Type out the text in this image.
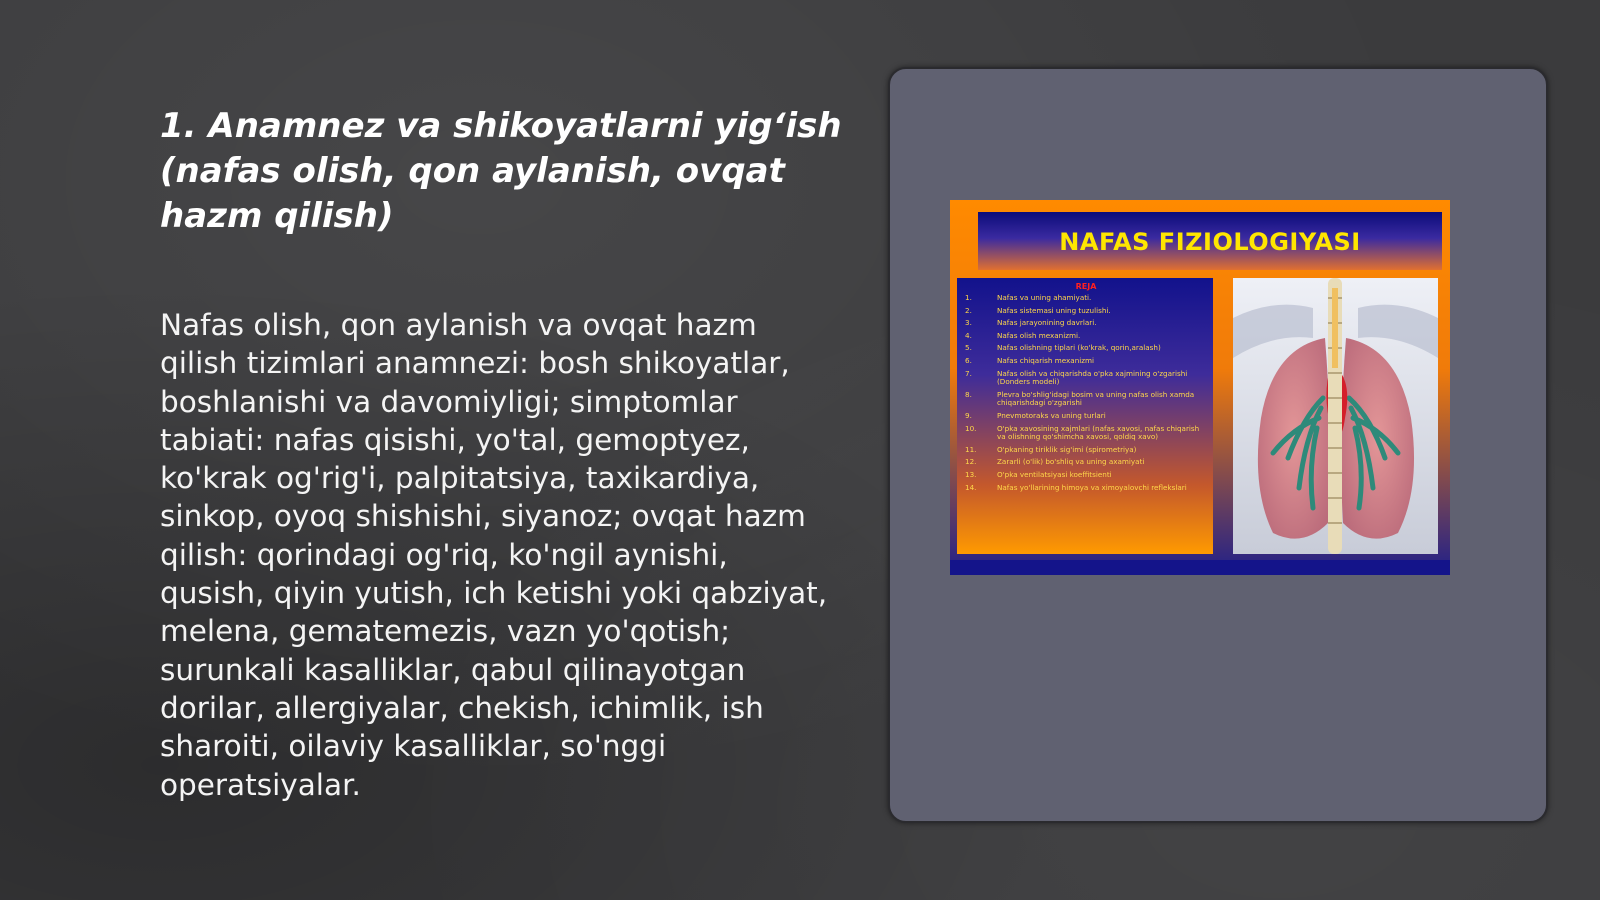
1. Anamnez va shikoyatlarni yig‘ish (nafas olish, qon aylanish, ovqat hazm qilish)

Nafas olish, qon aylanish va ovqat hazm qilish tizimlari anamnezi: bosh shikoyatlar, boshlanishi va davomiyligi; simptomlar tabiati: nafas qisishi, yo'tal, gemoptyez, ko'krak og'rig'i, palpitatsiya, taxikardiya, sinkop, oyoq shishishi, siyanoz; ovqat hazm qilish: qorindagi og'riq, ko'ngil aynishi, qusish, qiyin yutish, ich ketishi yoki qabziyat, melena, gematemezis, vazn yo'qotish; surunkali kasalliklar, qabul qilinayotgan dorilar, allergiyalar, chekish, ichimlik, ish sharoiti, oilaviy kasalliklar, so'nggi operatsiyalar.

NAFAS FIZIOLOGIYASI
REJA
1.	Nafas va uning ahamiyati.
2.	Nafas sistemasi uning tuzulishi.
3.	Nafas jarayonining davrlari.
4.	Nafas olish mexanizmi.
5.	Nafas olishning tiplari (ko'krak, qorin,aralash)
6.	Nafas chiqarish mexanizmi
7.	Nafas olish va chiqarishda o'pka xajmining o'zgarishi (Donders modeli)
8.	Plevra bo'shlig'idagi bosim va uning nafas olish xamda chiqarishdagi o'zgarishi
9.	Pnevmotoraks va uning turlari
10.	O'pka xavosining xajmlari (nafas xavosi, nafas chiqarish va olishning qo'shimcha xavosi, qoldiq xavo)
11.	O'pkaning tiriklik sig'imi (spirometriya)
12.	Zararli (o'lik) bo'shliq va uning axamiyati
13.	O'pka ventilatsiyasi koeffitsienti
14.	Nafas yo'llarining himoya va ximoyalovchi reflekslari
